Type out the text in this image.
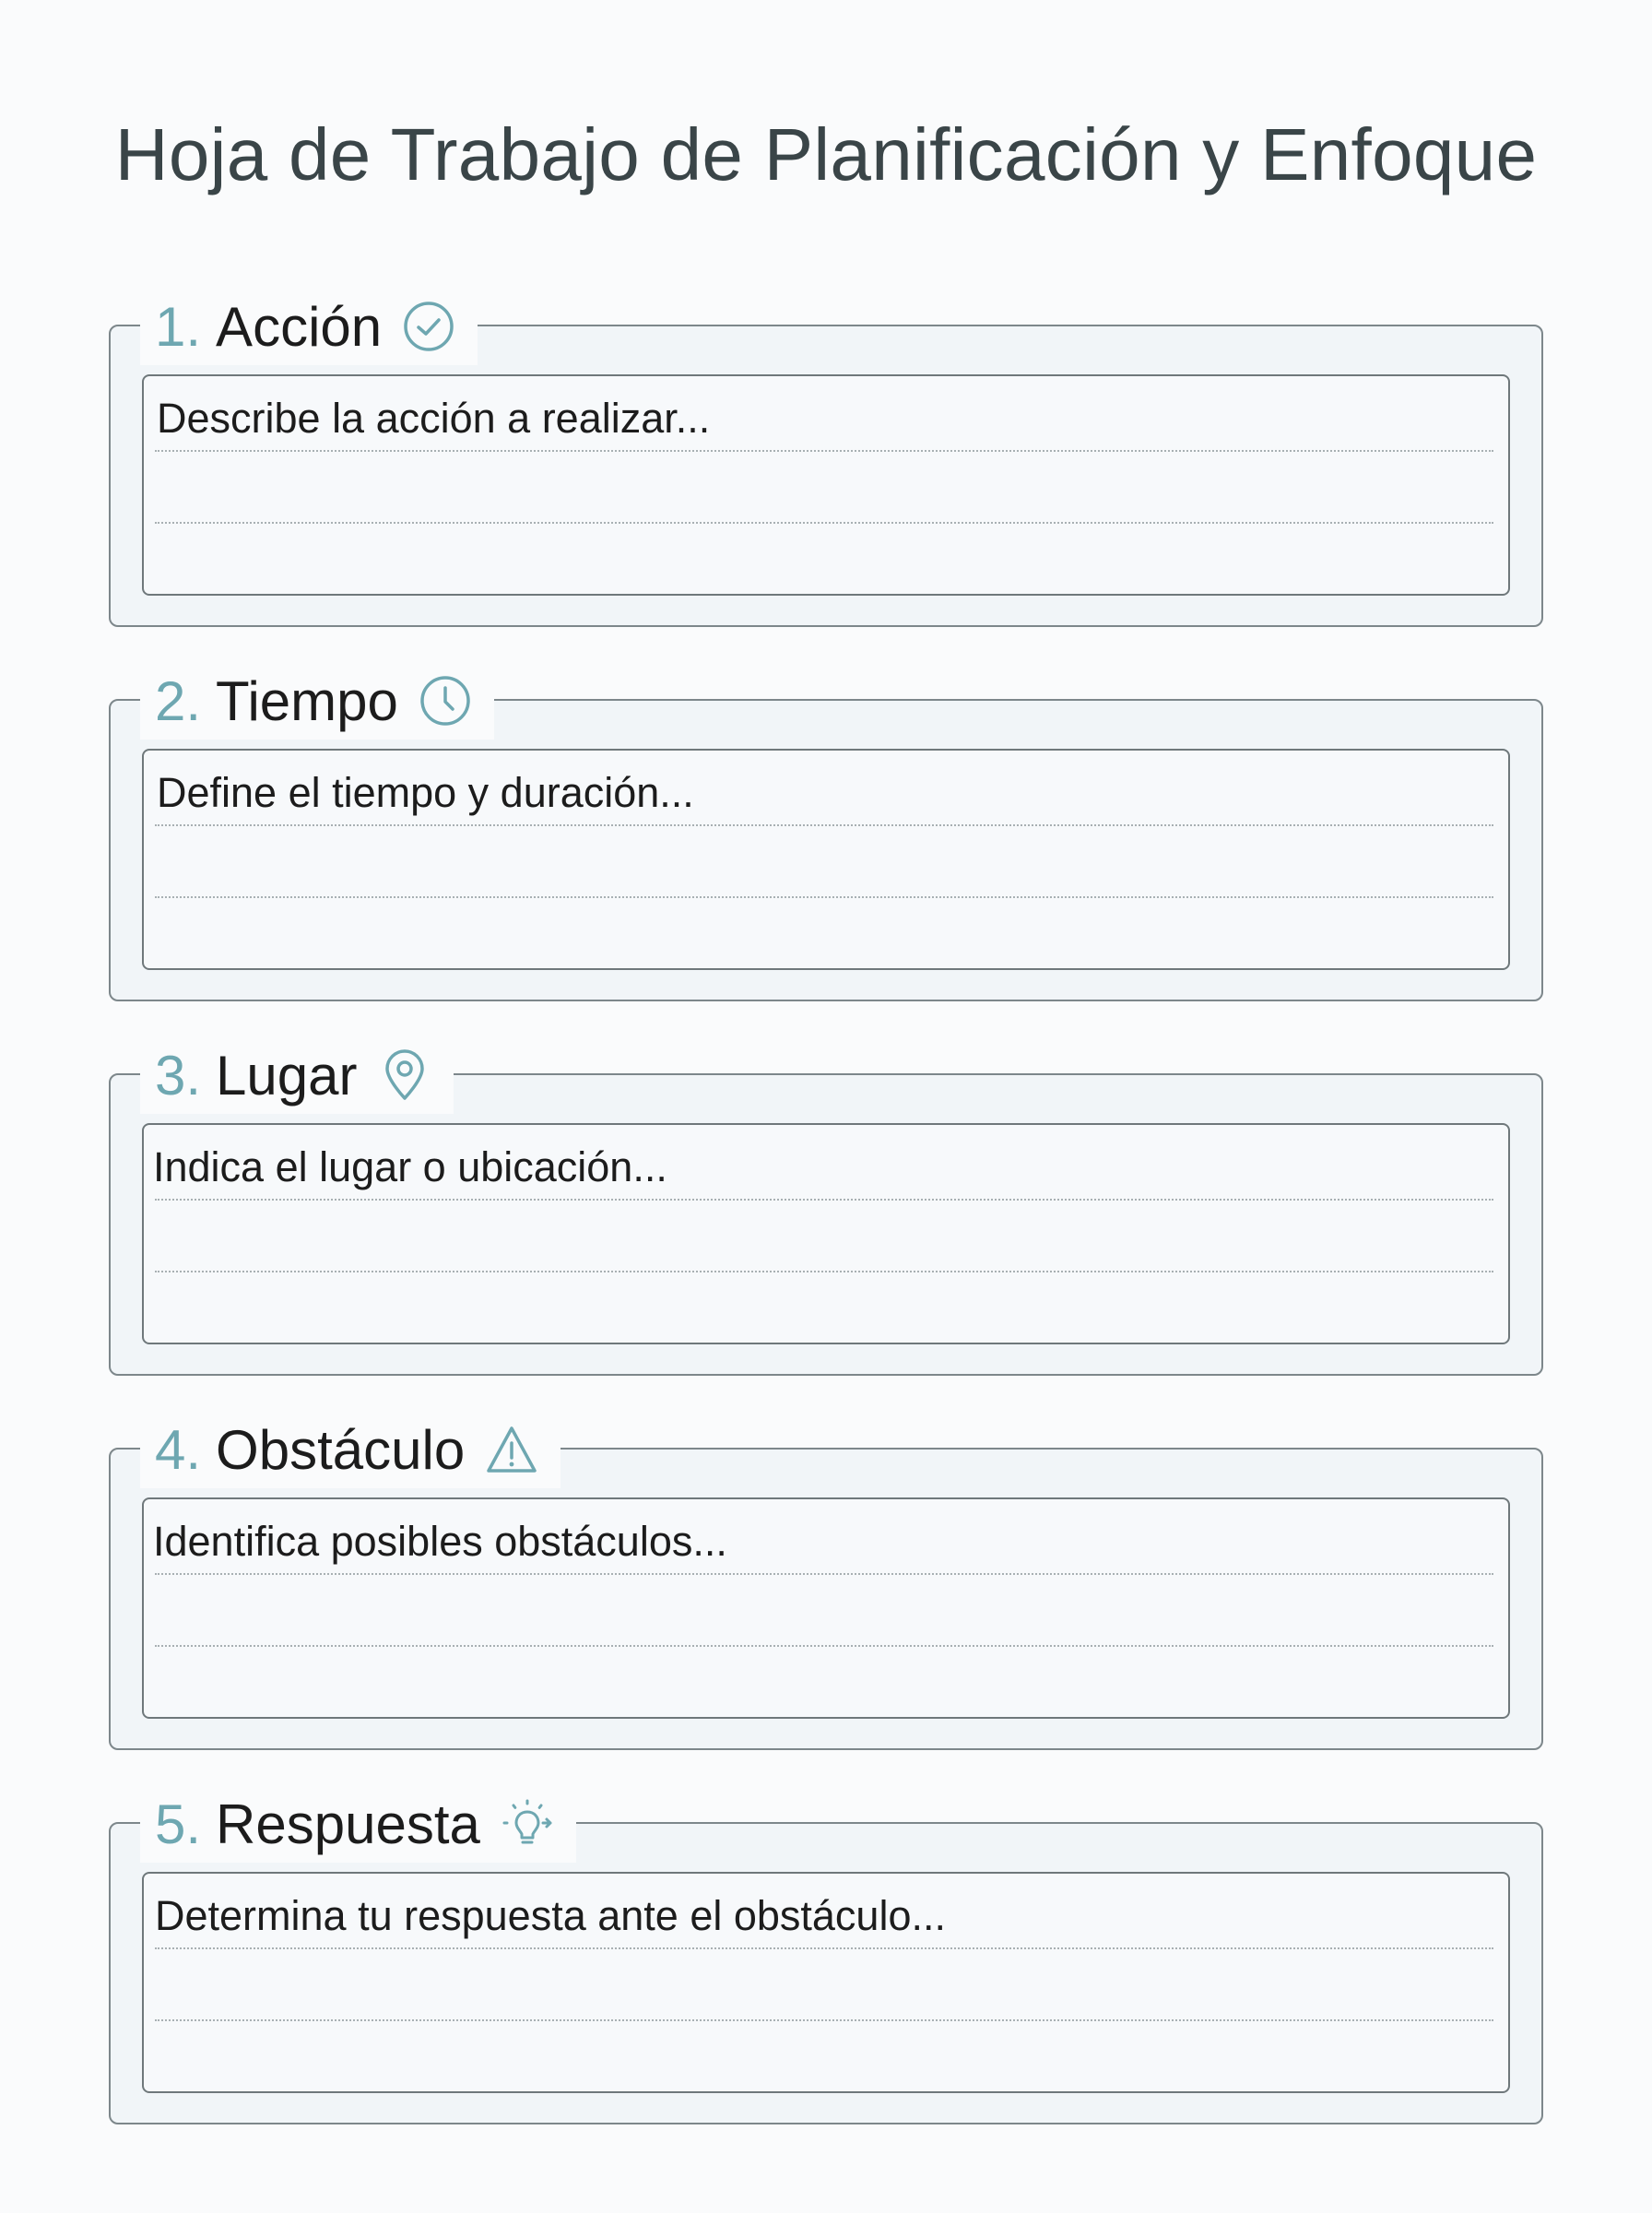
Hoja de Trabajo de Planificación y Enfoque
1. Acción
Describe la acción a realizar...
2. Tiempo
Define el tiempo y duración...
3. Lugar
Indica el lugar o ubicación...
4. Obstáculo
Identifica posibles obstáculos...
5. Respuesta
Determina tu respuesta ante el obstáculo...
